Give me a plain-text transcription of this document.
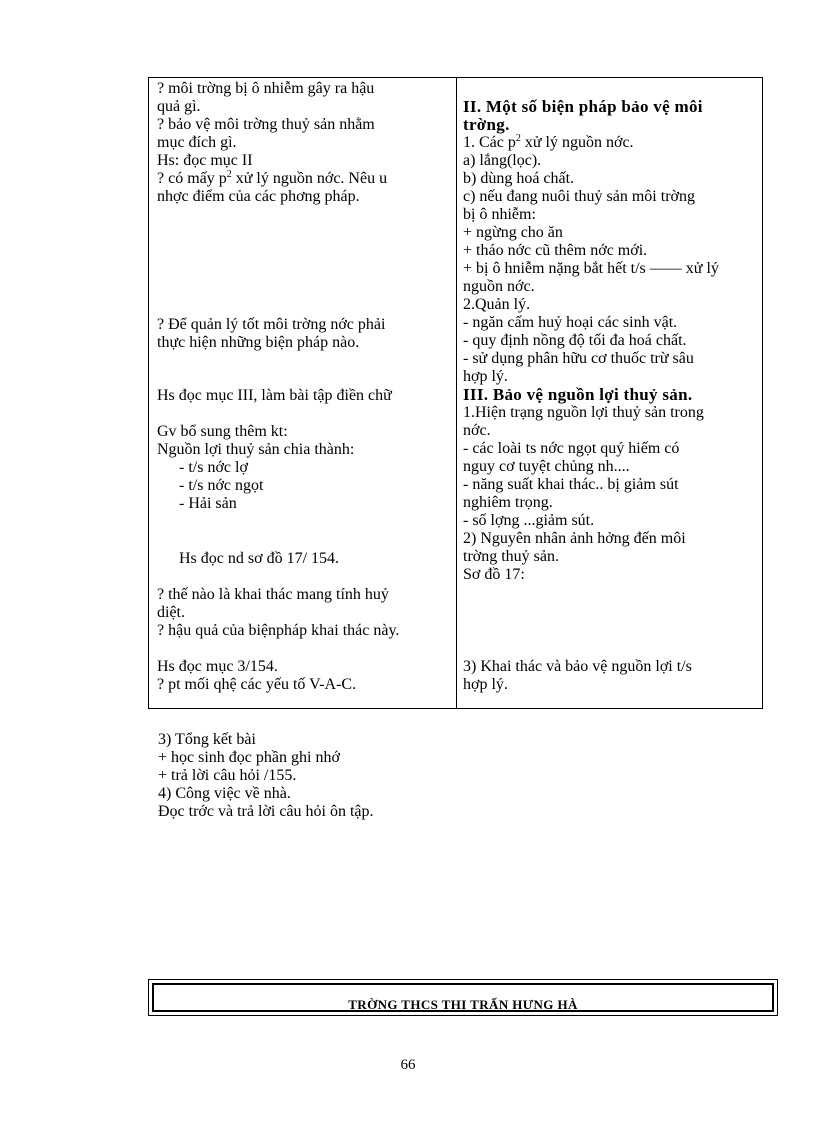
? môi trờng bị ô nhiễm gây ra hậu
quả gì.
? bảo vệ môi trờng thuỷ sản nhằm
mục đích gì.
Hs: đọc mục II
? có mấy $p^2$ xử lý nguồn nớc. Nêu u
nhợc điểm của các phơng pháp.
? Để quản lý tốt môi trờng nớc phải
thực hiện những biện pháp nào.
Hs đọc mục III, làm bài tập điền chữ
Gv bổ sung thêm kt:
Nguồn lợi thuỷ sản chia thành:
- t/s nớc lợ
- t/s nớc ngọt
- Hải sản
Hs đọc nd sơ đồ 17/ 154.
? thế nào là khai thác mang tính huỷ
diệt.
? hậu quả của biệnpháp khai thác này.
Hs đọc mục 3/154.
? pt mối qhệ các yếu tố V-A-C.
II. Một số biện pháp bảo vệ môi
trờng.
1. Các $p^2$ xử lý nguồn nớc.
a) lắng(lọc).
b) dùng hoá chất.
c) nếu đang nuôi thuỷ sản môi trờng
bị ô nhiễm:
+ ngừng cho ăn
+ tháo nớc cũ thêm nớc mới.
+ bị ô hniễm nặng bắt hết t/s —— xử lý
nguồn nớc.
2.Quản lý.
- ngăn cấm huỷ hoại các sinh vật.
- quy định nồng độ tối đa hoá chất.
- sử dụng phân hữu cơ thuốc trừ sâu
hợp lý.
III. Bảo vệ nguồn lợi thuỷ sản.
1.Hiện trạng nguồn lợi thuỷ sản trong
nớc.
- các loài ts nớc ngọt quý hiếm có
nguy cơ tuyệt chủng nh....
- năng suất khai thác.. bị giảm sút
nghiêm trọng.
- số lợng ...giảm sút.
2) Nguyên nhân ảnh hởng đến môi
trờng thuỷ sản.
Sơ đồ 17:
3) Khai thác và bảo vệ nguồn lợi t/s
hợp lý.
3) Tổng kết bài
+ học sinh đọc phần ghi nhớ
+ trả lời câu hỏi /155.
4) Công việc về nhà.
Đọc trớc và trả lời câu hỏi ôn tập.
TRỜNG THCS THỊ TRẤN HƯNG HÀ
66
